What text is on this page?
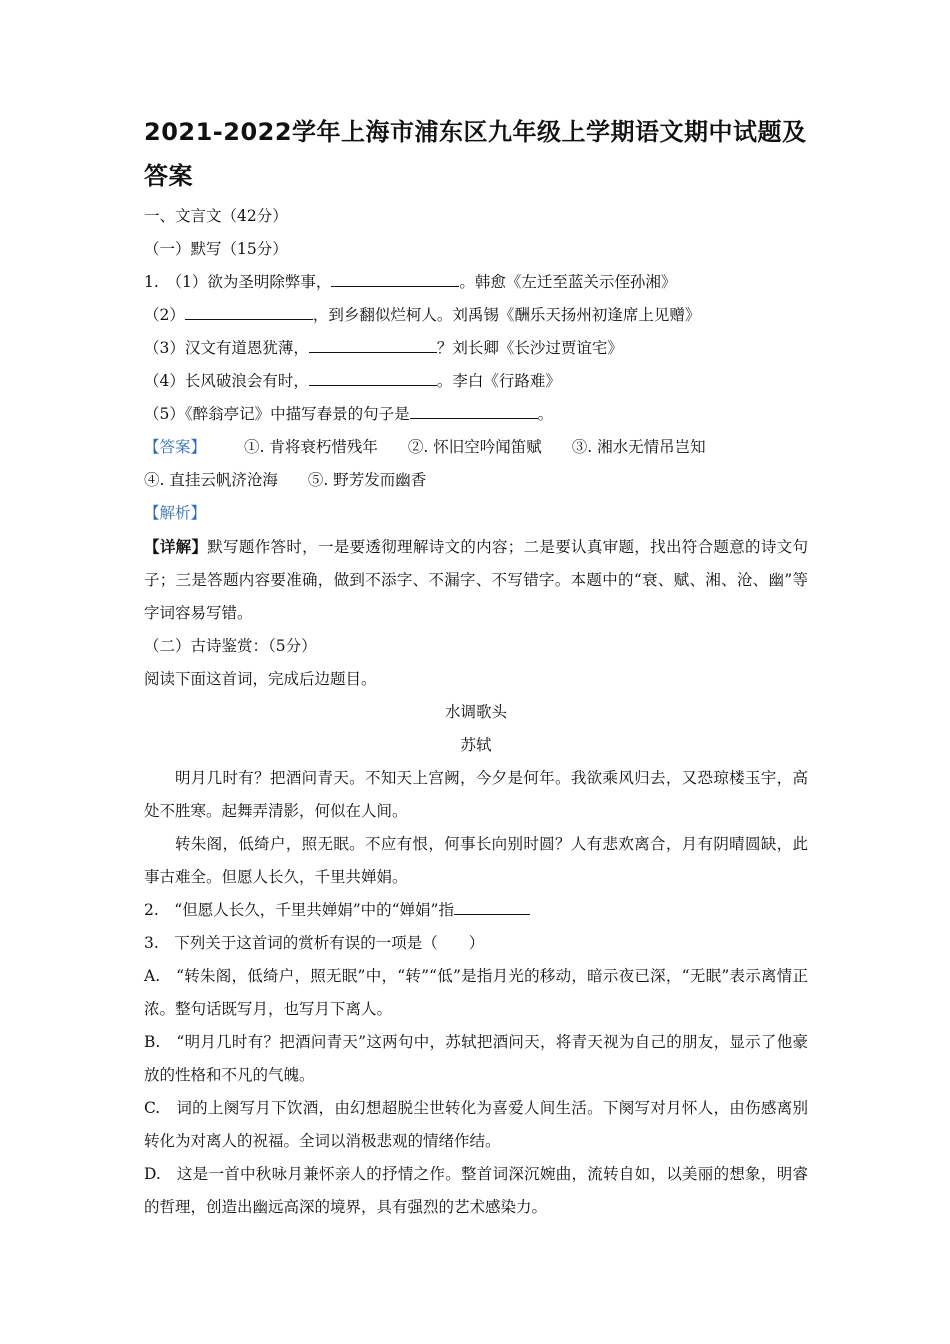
2021-2022学年上海市浦东区九年级上学期语文期中试题及答案
一、文言文（42分）
（一）默写（15分）
1.　（1）欲为圣明除弊事，	。韩愈《左迁至蓝关示侄孙湘》
（2）	，到乡翻似烂柯人。刘禹锡《酬乐天扬州初逢席上见赠》
（3）汉文有道恩犹薄，	？刘长卿《长沙过贾谊宅》
（4）长风破浪会有时，	。李白《行路难》
（5）《醉翁亭记》中描写春景的句子是	。
【答案】	①. 肯将衰朽惜残年 ②. 怀旧空吟闻笛赋 ③. 湘水无情吊岂知
④. 直挂云帆济沧海 ⑤. 野芳发而幽香
【解析】
【详解】默写题作答时，一是要透彻理解诗文的内容；二是要认真审题，找出符合题意的诗文句子；三是答题内容要准确，做到不添字、不漏字、不写错字。本题中的“衰、赋、湘、沧、幽”等字词容易写错。
（二）古诗鉴赏：（5分）
阅读下面这首词，完成后边题目。
水调歌头
苏轼
明月几时有？把酒问青天。不知天上宫阙，今夕是何年。我欲乘风归去，又恐琼楼玉宇，高处不胜寒。起舞弄清影，何似在人间。
转朱阁，低绮户，照无眠。不应有恨，何事长向别时圆？人有悲欢离合，月有阴晴圆缺，此事古难全。但愿人长久，千里共婵娟。
2.　“但愿人长久，千里共婵娟”中的“婵娟”指
3.　下列关于这首词的赏析有误的一项是（　　）
A.　“转朱阁，低绮户，照无眠”中，“转”“低”是指月光的移动，暗示夜已深，“无眠”表示离情正浓。整句话既写月，也写月下离人。
B.　“明月几时有？把酒问青天”这两句中，苏轼把酒问天，将青天视为自己的朋友，显示了他豪放的性格和不凡的气魄。
C.　词的上阕写月下饮酒，由幻想超脱尘世转化为喜爱人间生活。下阕写对月怀人，由伤感离别转化为对离人的祝福。全词以消极悲观的情绪作结。
D.　这是一首中秋咏月兼怀亲人的抒情之作。整首词深沉婉曲，流转自如，以美丽的想象，明睿的哲理，创造出幽远高深的境界，具有强烈的艺术感染力。
